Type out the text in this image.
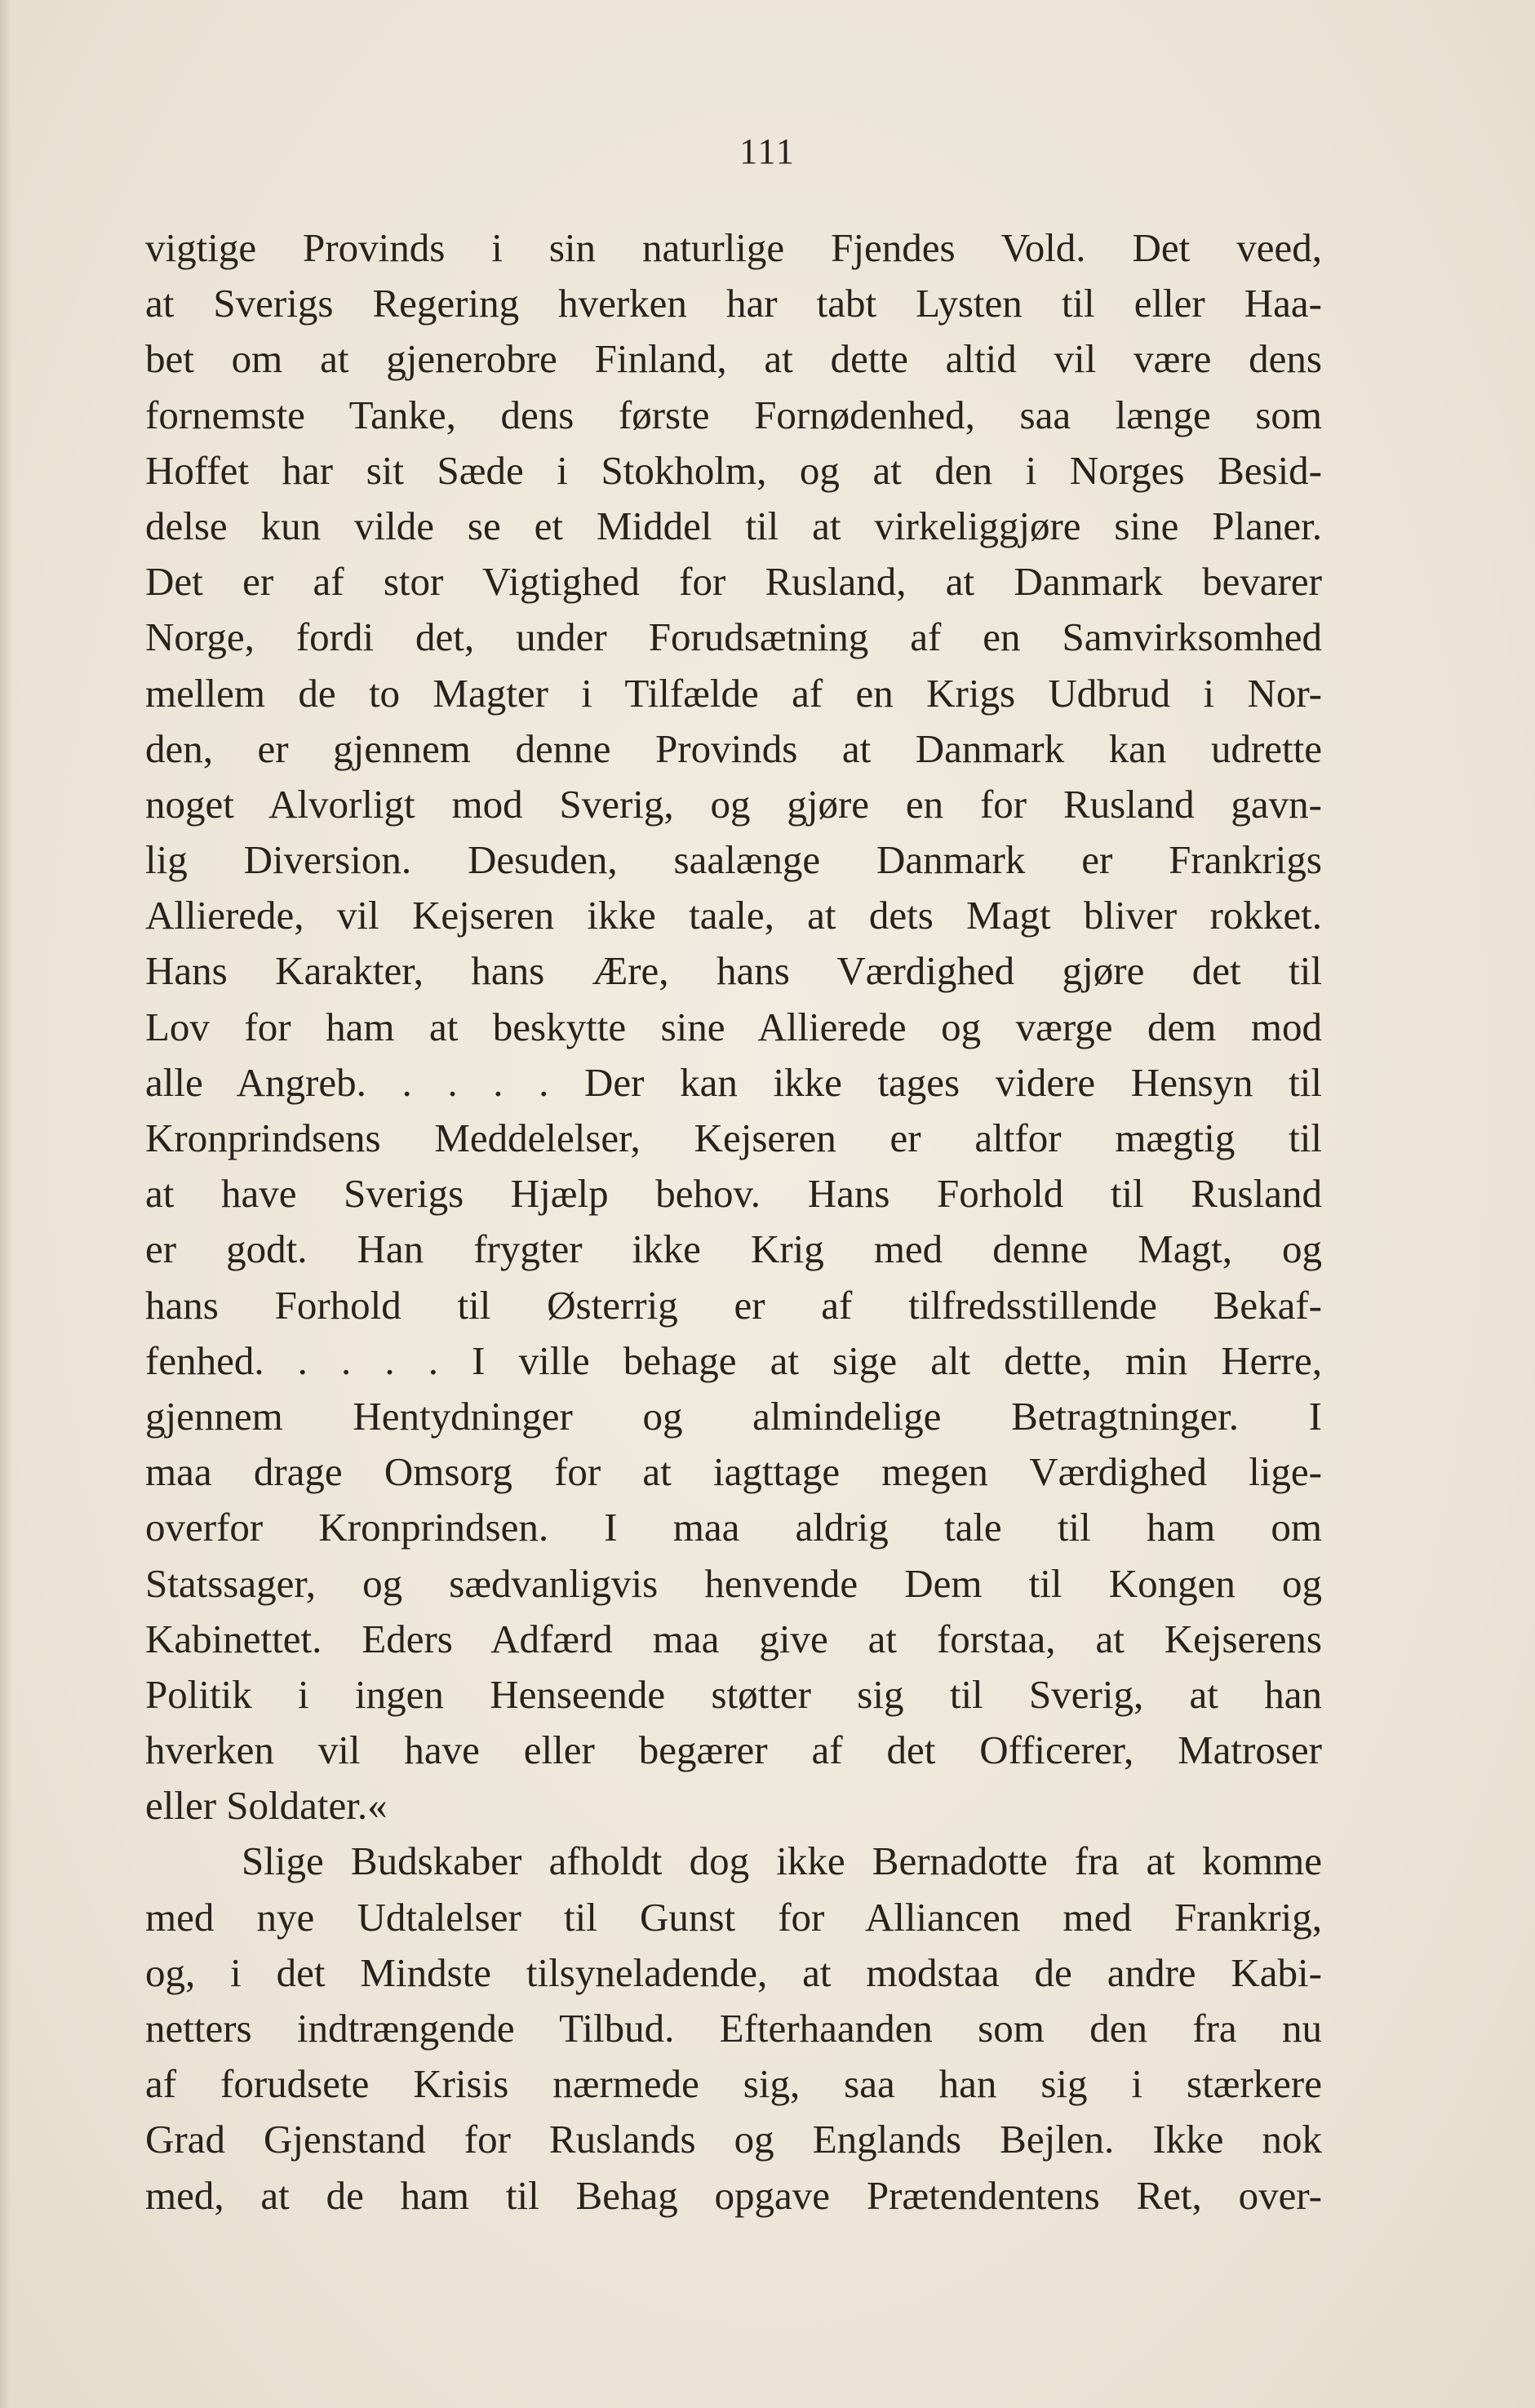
111
vigtige Provinds i sin naturlige Fjendes Vold. Det veed,
at Sverigs Regering hverken har tabt Lysten til eller Haa-
bet om at gjenerobre Finland, at dette altid vil være dens
fornemste Tanke, dens første Fornødenhed, saa længe som
Hoffet har sit Sæde i Stokholm, og at den i Norges Besid-
delse kun vilde se et Middel til at virkeliggjøre sine Planer.
Det er af stor Vigtighed for Rusland, at Danmark bevarer
Norge, fordi det, under Forudsætning af en Samvirksomhed
mellem de to Magter i Tilfælde af en Krigs Udbrud i Nor-
den, er gjennem denne Provinds at Danmark kan udrette
noget Alvorligt mod Sverig, og gjøre en for Rusland gavn-
lig Diversion. Desuden, saalænge Danmark er Frankrigs
Allierede, vil Kejseren ikke taale, at dets Magt bliver rokket.
Hans Karakter, hans Ære, hans Værdighed gjøre det til
Lov for ham at beskytte sine Allierede og værge dem mod
alle Angreb. . . . . Der kan ikke tages videre Hensyn til
Kronprindsens Meddelelser, Kejseren er altfor mægtig til
at have Sverigs Hjælp behov. Hans Forhold til Rusland
er godt. Han frygter ikke Krig med denne Magt, og
hans Forhold til Østerrig er af tilfredsstillende Bekaf-
fenhed. . . . . I ville behage at sige alt dette, min Herre,
gjennem Hentydninger og almindelige Betragtninger. I
maa drage Omsorg for at iagttage megen Værdighed lige-
overfor Kronprindsen. I maa aldrig tale til ham om
Statssager, og sædvanligvis henvende Dem til Kongen og
Kabinettet. Eders Adfærd maa give at forstaa, at Kejserens
Politik i ingen Henseende støtter sig til Sverig, at han
hverken vil have eller begærer af det Officerer, Matroser
eller Soldater.«
Slige Budskaber afholdt dog ikke Bernadotte fra at komme
med nye Udtalelser til Gunst for Alliancen med Frankrig,
og, i det Mindste tilsyneladende, at modstaa de andre Kabi-
netters indtrængende Tilbud. Efterhaanden som den fra nu
af forudsete Krisis nærmede sig, saa han sig i stærkere
Grad Gjenstand for Ruslands og Englands Bejlen. Ikke nok
med, at de ham til Behag opgave Prætendentens Ret, over-
